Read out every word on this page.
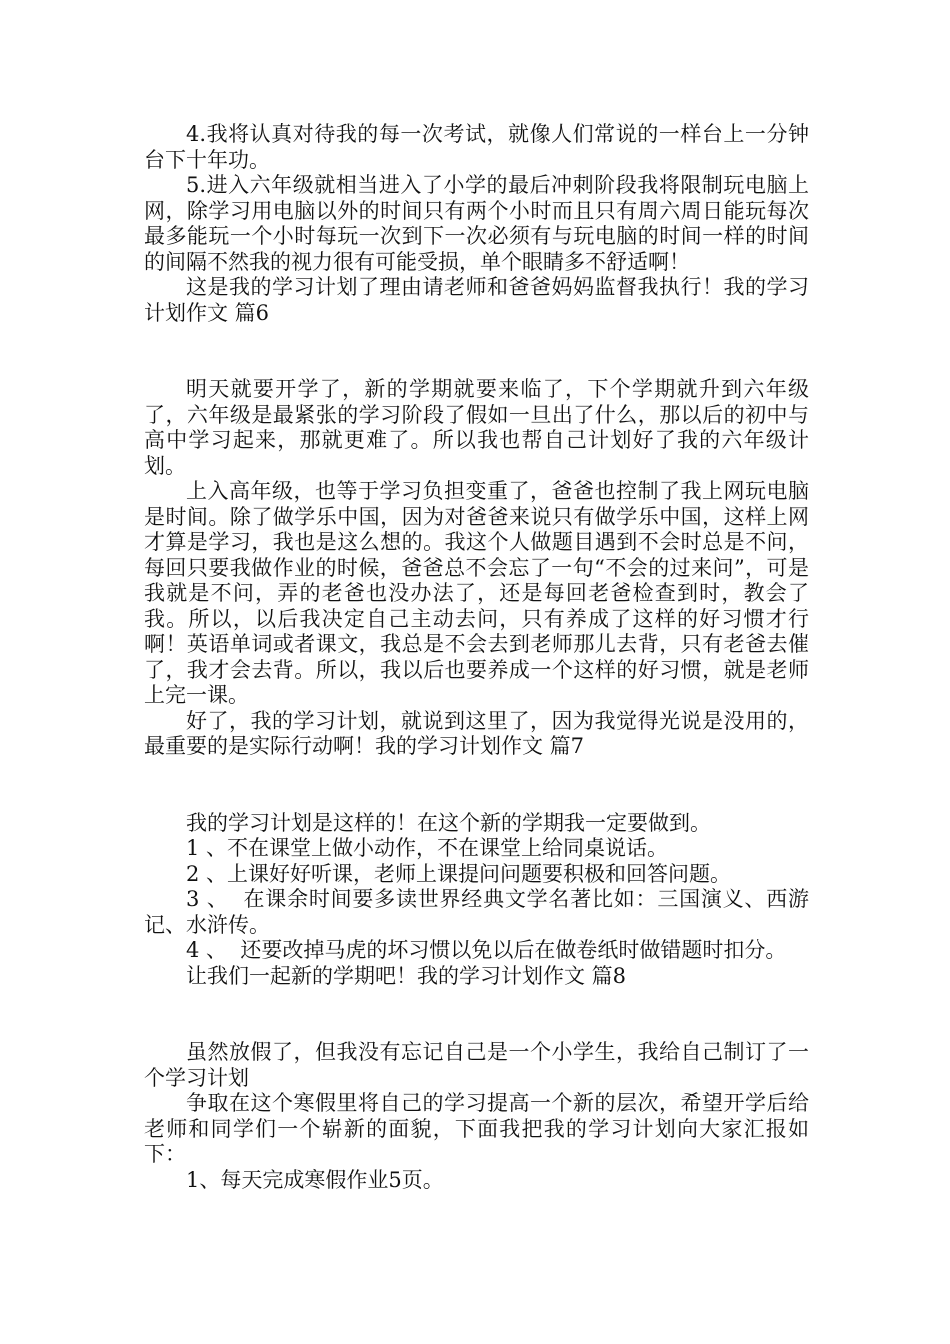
4.我将认真对待我的每一次考试，就像人们常说的一样台上一分钟台下十年功。

5.进入六年级就相当进入了小学的最后冲刺阶段我将限制玩电脑上网，除学习用电脑以外的时间只有两个小时而且只有周六周日能玩每次最多能玩一个小时每玩一次到下一次必须有与玩电脑的时间一样的时间的间隔不然我的视力很有可能受损，单个眼睛多不舒适啊！

这是我的学习计划了理由请老师和爸爸妈妈监督我执行！我的学习计划作文 篇6

明天就要开学了，新的学期就要来临了，下个学期就升到六年级了，六年级是最紧张的学习阶段了假如一旦出了什么，那以后的初中与高中学习起来，那就更难了。所以我也帮自己计划好了我的六年级计划。

上入高年级，也等于学习负担变重了，爸爸也控制了我上网玩电脑是时间。除了做学乐中国，因为对爸爸来说只有做学乐中国，这样上网才算是学习，我也是这么想的。我这个人做题目遇到不会时总是不问，每回只要我做作业的时候，爸爸总不会忘了一句“不会的过来问”，可是我就是不问，弄的老爸也没办法了，还是每回老爸检查到时，教会了我。所以，以后我决定自己主动去问，只有养成了这样的好习惯才行啊！英语单词或者课文，我总是不会去到老师那儿去背，只有老爸去催了，我才会去背。所以，我以后也要养成一个这样的好习惯，就是老师上完一课。

好了，我的学习计划，就说到这里了，因为我觉得光说是没用的，最重要的是实际行动啊！我的学习计划作文 篇7

我的学习计划是这样的！在这个新的学期我一定要做到。

1 、不在课堂上做小动作，不在课堂上给同桌说话。

2 、上课好好听课，老师上课提问问题要积极和回答问题。

3 、  在课余时间要多读世界经典文学名著比如：三国演义、西游记、水浒传。

4 、  还要改掉马虎的坏习惯以免以后在做卷纸时做错题时扣分。

让我们一起新的学期吧！我的学习计划作文 篇8

虽然放假了，但我没有忘记自己是一个小学生，我给自己制订了一个学习计划

争取在这个寒假里将自己的学习提高一个新的层次，希望开学后给老师和同学们一个崭新的面貌，下面我把我的学习计划向大家汇报如下：

1、每天完成寒假作业5页。
